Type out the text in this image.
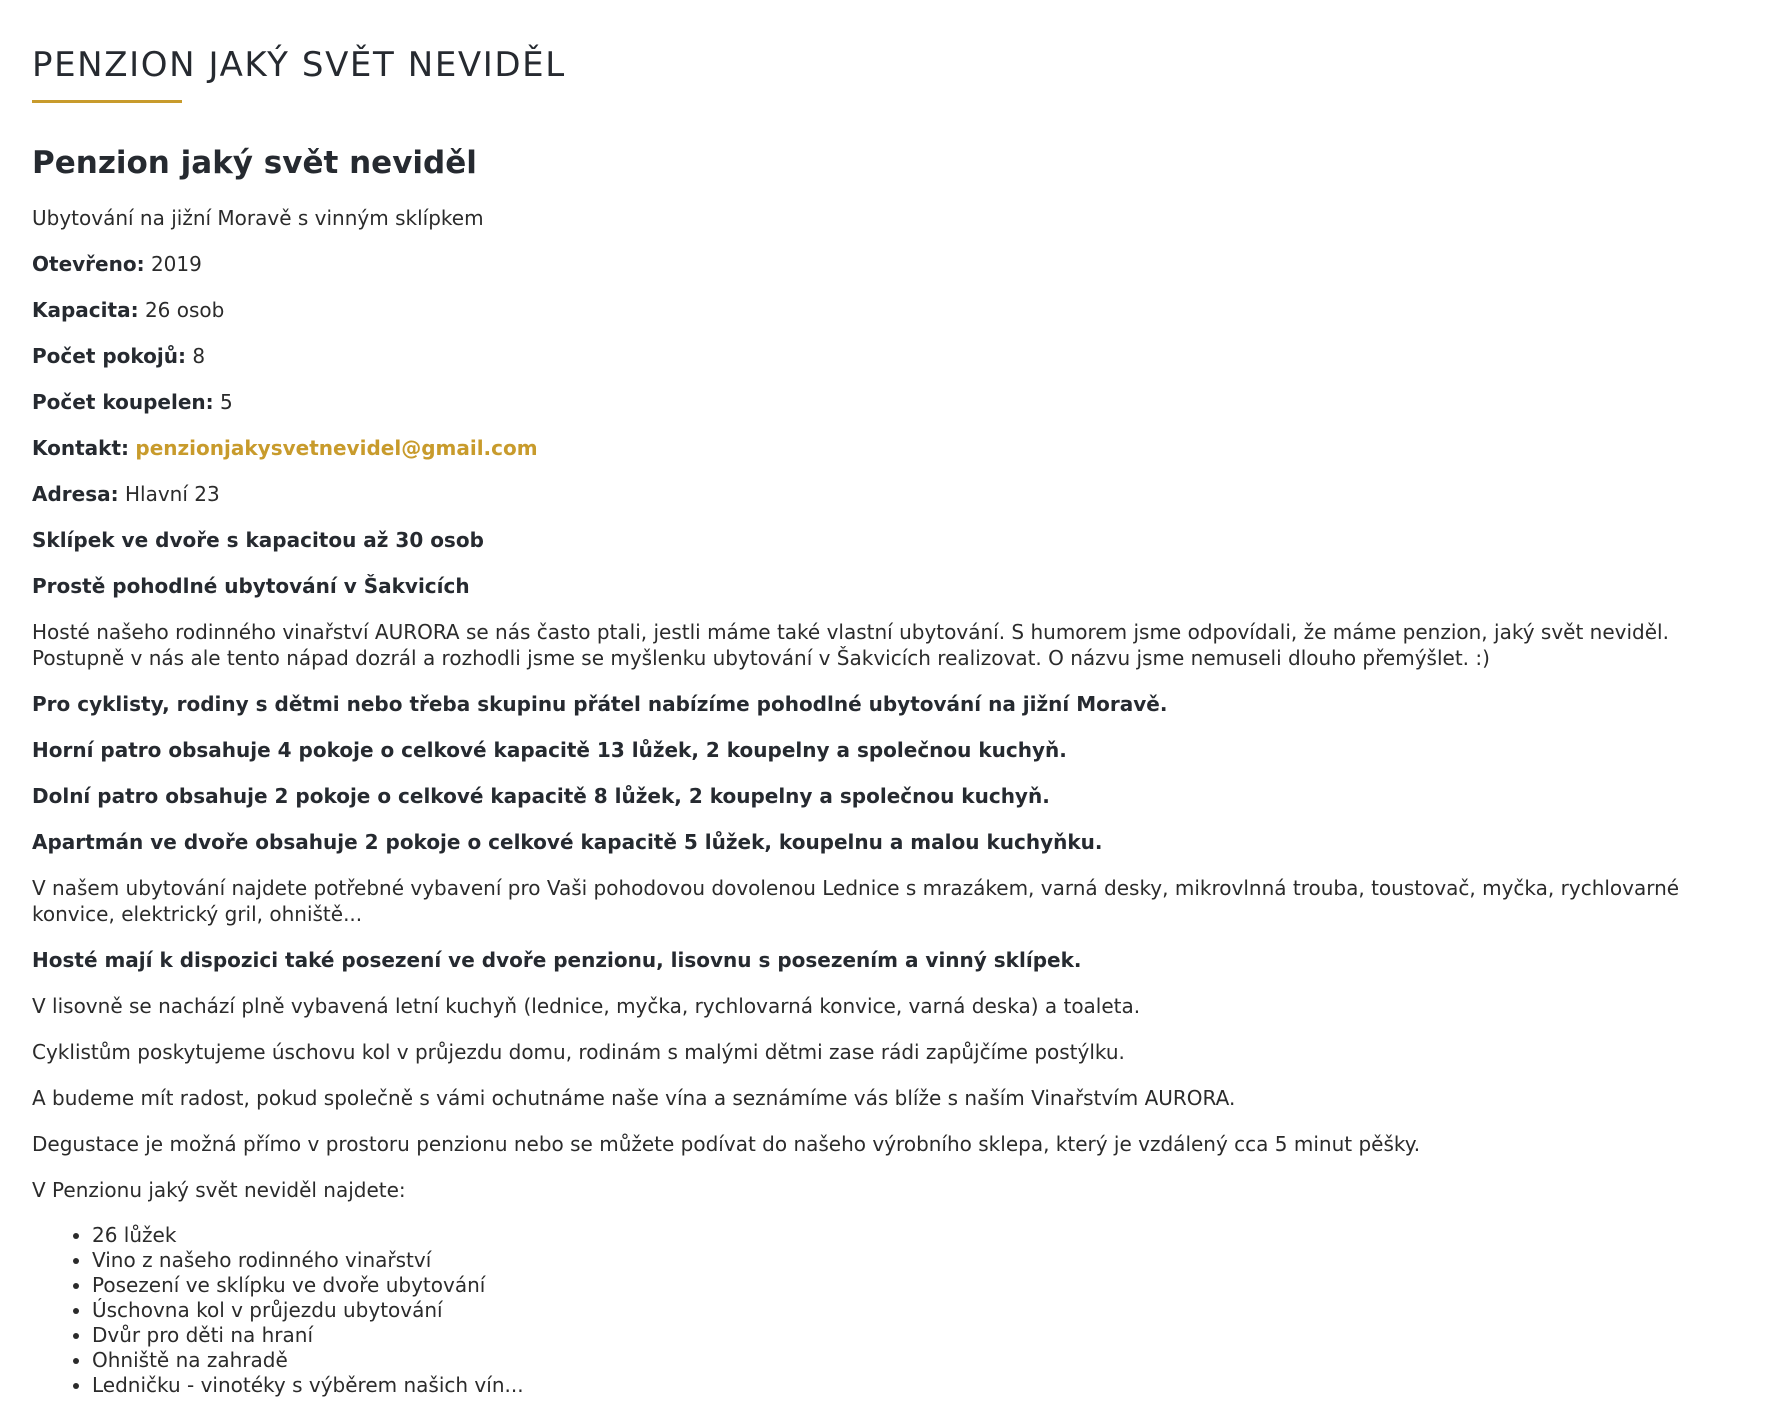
PENZION JAKÝ SVĚT NEVIDĚL
Penzion jaký svět neviděl

Ubytování na jižní Moravě s vinným sklípkem

Otevřeno: 2019

Kapacita: 26 osob

Počet pokojů: 8

Počet koupelen: 5

Kontakt: penzionjakysvetnevidel@gmail.com

Adresa: Hlavní 23

Sklípek ve dvoře s kapacitou až 30 osob

Prostě pohodlné ubytování v Šakvicích

Hosté našeho rodinného vinařství AURORA se nás často ptali, jestli máme také vlastní ubytování. S humorem jsme odpovídali, že máme penzion, jaký svět neviděl. Postupně v nás ale tento nápad dozrál a rozhodli jsme se myšlenku ubytování v Šakvicích realizovat. O názvu jsme nemuseli dlouho přemýšlet. :)

Pro cyklisty, rodiny s dětmi nebo třeba skupinu přátel nabízíme pohodlné ubytování na jižní Moravě.

Horní patro obsahuje 4 pokoje o celkové kapacitě 13 lůžek, 2 koupelny a společnou kuchyň.

Dolní patro obsahuje 2 pokoje o celkové kapacitě 8 lůžek, 2 koupelny a společnou kuchyň.

Apartmán ve dvoře obsahuje 2 pokoje o celkové kapacitě 5 lůžek, koupelnu a malou kuchyňku.

V našem ubytování najdete potřebné vybavení pro Vaši pohodovou dovolenou Lednice s mrazákem, varná desky, mikrovlnná trouba, toustovač, myčka, rychlovarné konvice, elektrický gril, ohniště...

Hosté mají k dispozici také posezení ve dvoře penzionu, lisovnu s posezením a vinný sklípek.

V lisovně se nachází plně vybavená letní kuchyň (lednice, myčka, rychlovarná konvice, varná deska) a toaleta.

Cyklistům poskytujeme úschovu kol v průjezdu domu, rodinám s malými dětmi zase rádi zapůjčíme postýlku.

A budeme mít radost, pokud společně s vámi ochutnáme naše vína a seznámíme vás blíže s naším Vinařstvím AURORA.

Degustace je možná přímo v prostoru penzionu nebo se můžete podívat do našeho výrobního sklepa, který je vzdálený cca 5 minut pěšky.

V Penzionu jaký svět neviděl najdete:

• 26 lůžek
• Vino z našeho rodinného vinařství
• Posezení ve sklípku ve dvoře ubytování
• Úschovna kol v průjezdu ubytování
• Dvůr pro děti na hraní
• Ohniště na zahradě
• Ledničku - vinotéky s výběrem našich vín...
